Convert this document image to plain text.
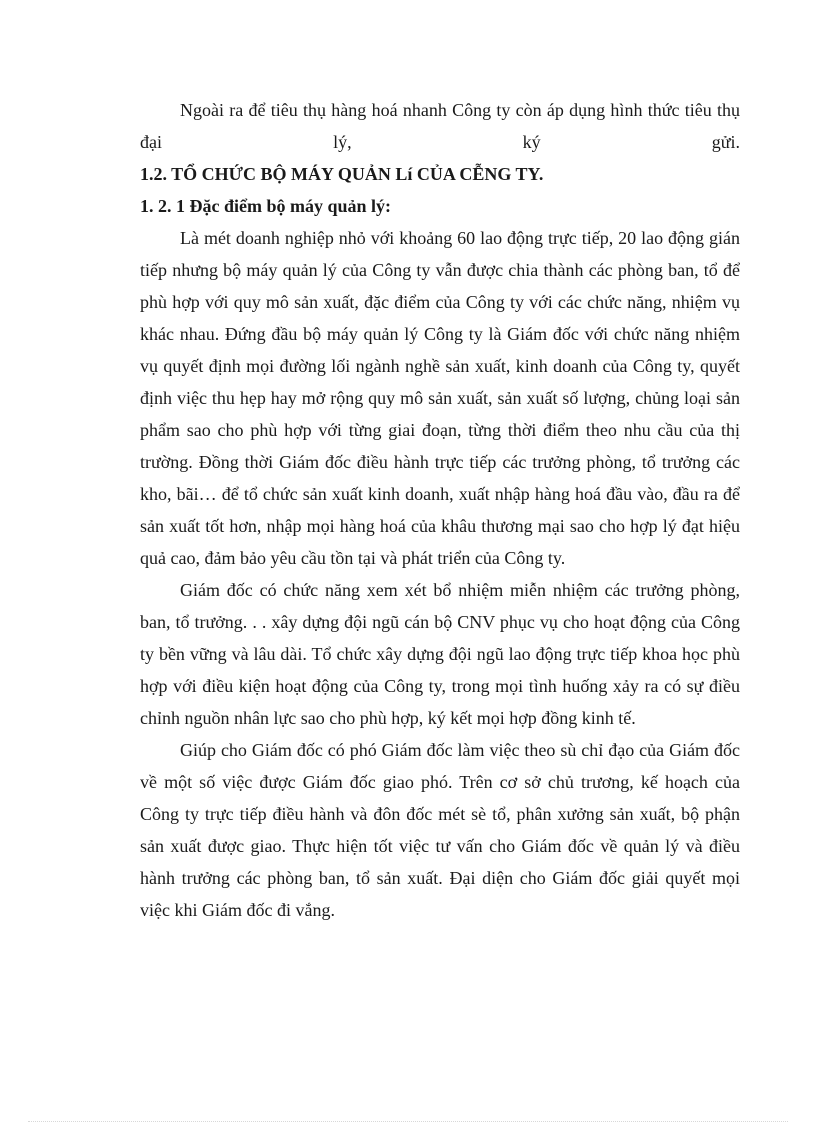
Ngoài ra để tiêu thụ hàng hoá nhanh Công ty còn áp dụng hình thức tiêu thụ đại lý, ký gửi.

1.2. TỔ CHỨC BỘ MÁY QUẢN Lí CỦA CỄNG TY.

1. 2. 1 Đặc điểm bộ máy quản lý:

Là mét doanh nghiệp nhỏ với khoảng 60 lao động trực tiếp, 20 lao động gián tiếp nhưng bộ máy quản lý của Công ty vẫn được chia thành các phòng ban, tổ để phù hợp với quy mô sản xuất, đặc điểm của Công ty với các chức năng, nhiệm vụ khác nhau. Đứng đầu bộ máy quản lý Công ty là Giám đốc với chức năng nhiệm vụ quyết định mọi đường lối ngành nghề sản xuất, kinh doanh của Công ty, quyết định việc thu hẹp hay mở rộng quy mô sản xuất, sản xuất số lượng, chủng loại sản phẩm sao cho phù hợp với từng giai đoạn, từng thời điểm theo nhu cầu của thị trường. Đồng thời Giám đốc điều hành trực tiếp các trưởng phòng, tổ trưởng các kho, bãi… để tổ chức sản xuất kinh doanh, xuất nhập hàng hoá đầu vào, đầu ra để sản xuất tốt hơn, nhập mọi hàng hoá của khâu thương mại sao cho hợp lý đạt hiệu quả cao, đảm bảo yêu cầu tồn tại và phát triển của Công ty.

Giám đốc có chức năng xem xét bổ nhiệm miễn nhiệm các trưởng phòng, ban, tổ trưởng. . . xây dựng đội ngũ cán bộ CNV phục vụ cho hoạt động của Công ty bền vững và lâu dài. Tổ chức xây dựng đội ngũ lao động trực tiếp khoa học phù hợp với điều kiện hoạt động của Công ty, trong mọi tình huống xảy ra có sự điều chỉnh nguồn nhân lực sao cho phù hợp, ký kết mọi hợp đồng kinh tế.

Giúp cho Giám đốc có phó Giám đốc làm việc theo sù chỉ đạo của Giám đốc về một số việc được Giám đốc giao phó. Trên cơ sở chủ trương, kế hoạch của Công ty trực tiếp điều hành và đôn đốc mét sè tổ, phân xưởng sản xuất, bộ phận sản xuất được giao. Thực hiện tốt việc tư vấn cho Giám đốc về quản lý và điều hành trưởng các phòng ban, tổ sản xuất. Đại diện cho Giám đốc giải quyết mọi việc khi Giám đốc đi vắng.
